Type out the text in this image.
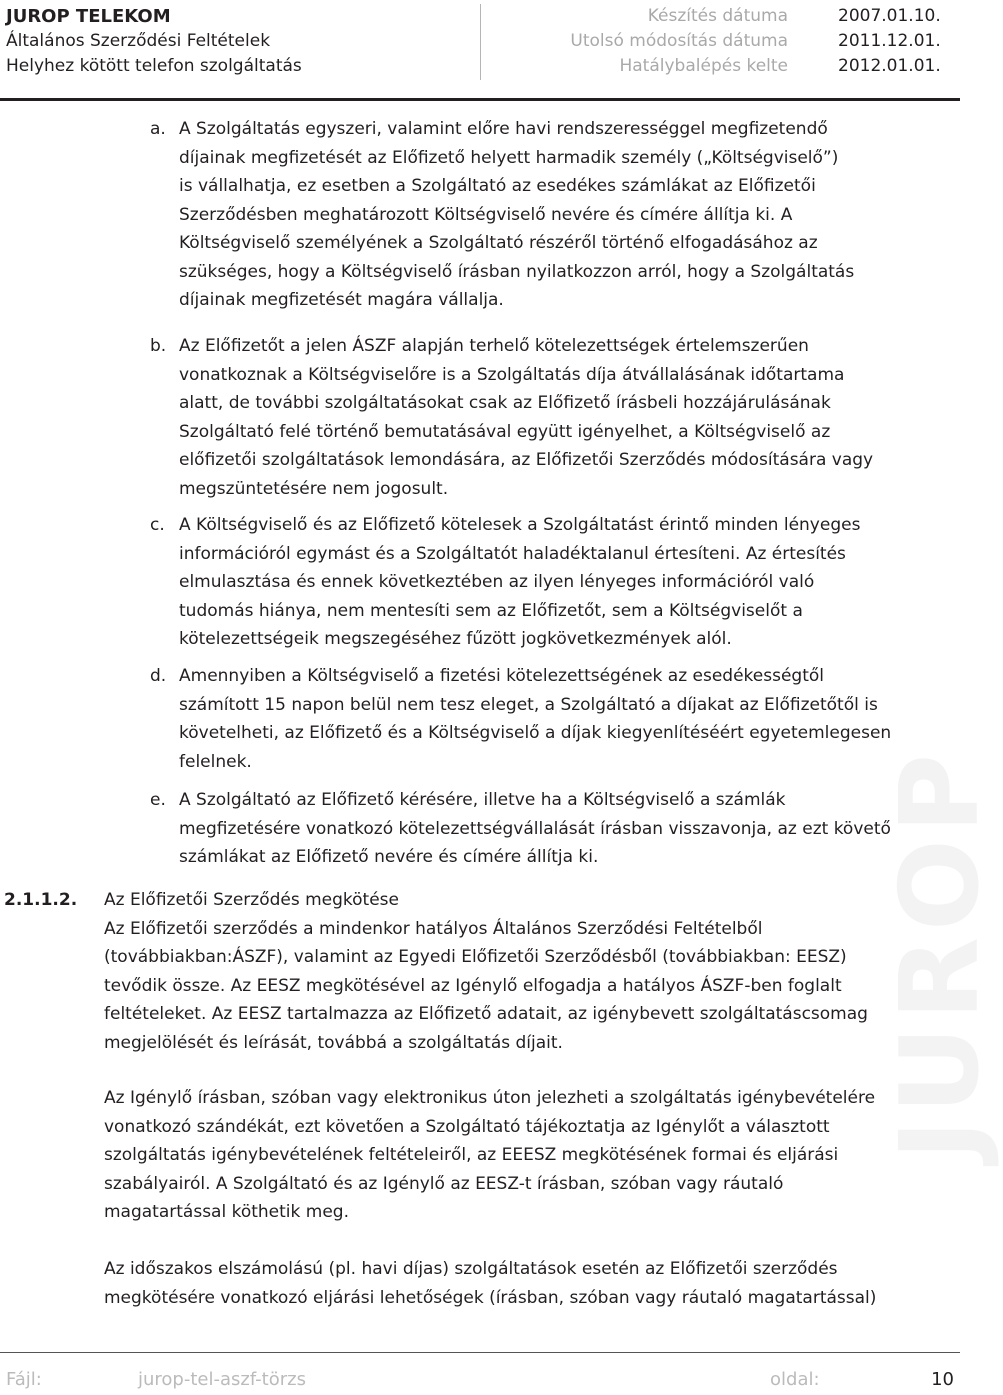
JUROP TELEKOM
Általános Szerződési Feltételek
Helyhez kötött telefon szolgáltatás
Készítés dátuma	2007.01.10.
Utolsó módosítás dátuma	2011.12.01.
Hatálybalépés kelte	2012.01.01.
JUROP
a. A Szolgáltatás egyszeri, valamint előre havi rendszerességgel megfizetendő
díjainak megfizetését az Előfizető helyett harmadik személy („Költségviselő”)
is vállalhatja, ez esetben a Szolgáltató az esedékes számlákat az Előfizetői
Szerződésben meghatározott Költségviselő nevére és címére állítja ki. A
Költségviselő személyének a Szolgáltató részéről történő elfogadásához az
szükséges, hogy a Költségviselő írásban nyilatkozzon arról, hogy a Szolgáltatás
díjainak megfizetését magára vállalja.
b. Az Előfizetőt a jelen ÁSZF alapján terhelő kötelezettségek értelemszerűen
vonatkoznak a Költségviselőre is a Szolgáltatás díja átvállalásának időtartama
alatt, de további szolgáltatásokat csak az Előfizető írásbeli hozzájárulásának
Szolgáltató felé történő bemutatásával együtt igényelhet, a Költségviselő az
előfizetői szolgáltatások lemondására, az Előfizetői Szerződés módosítására vagy
megszüntetésére nem jogosult.
c. A Költségviselő és az Előfizető kötelesek a Szolgáltatást érintő minden lényeges
információról egymást és a Szolgáltatót haladéktalanul értesíteni. Az értesítés
elmulasztása és ennek következtében az ilyen lényeges információról való
tudomás hiánya, nem mentesíti sem az Előfizetőt, sem a Költségviselőt a
kötelezettségeik megszegéséhez fűzött jogkövetkezmények alól.
d. Amennyiben a Költségviselő a fizetési kötelezettségének az esedékességtől
számított 15 napon belül nem tesz eleget, a Szolgáltató a díjakat az Előfizetőtől is
követelheti, az Előfizető és a Költségviselő a díjak kiegyenlítéséért egyetemlegesen
felelnek.
e. A Szolgáltató az Előfizető kérésére, illetve ha a Költségviselő a számlák
megfizetésére vonatkozó kötelezettségvállalását írásban visszavonja, az ezt követő
számlákat az Előfizető nevére és címére állítja ki.
2.1.1.2. Az Előfizetői Szerződés megkötése
Az Előfizetői szerződés a mindenkor hatályos Általános Szerződési Feltételből
(továbbiakban:ÁSZF), valamint az Egyedi Előfizetői Szerződésből (továbbiakban: EESZ)
tevődik össze. Az EESZ megkötésével az Igénylő elfogadja a hatályos ÁSZF-ben foglalt
feltételeket. Az EESZ tartalmazza az Előfizető adatait, az igénybevett szolgáltatáscsomag
megjelölését és leírását, továbbá a szolgáltatás díjait.
Az Igénylő írásban, szóban vagy elektronikus úton jelezheti a szolgáltatás igénybevételére
vonatkozó szándékát, ezt követően a Szolgáltató tájékoztatja az Igénylőt a választott
szolgáltatás igénybevételének feltételeiről, az EEESZ megkötésének formai és eljárási
szabályairól. A Szolgáltató és az Igénylő az EESZ-t írásban, szóban vagy ráutaló
magatartással köthetik meg.
Az időszakos elszámolású (pl. havi díjas) szolgáltatások esetén az Előfizetői szerződés
megkötésére vonatkozó eljárási lehetőségek (írásban, szóban vagy ráutaló magatartással)
Fájl:	jurop-tel-aszf-törzs	oldal:	10
